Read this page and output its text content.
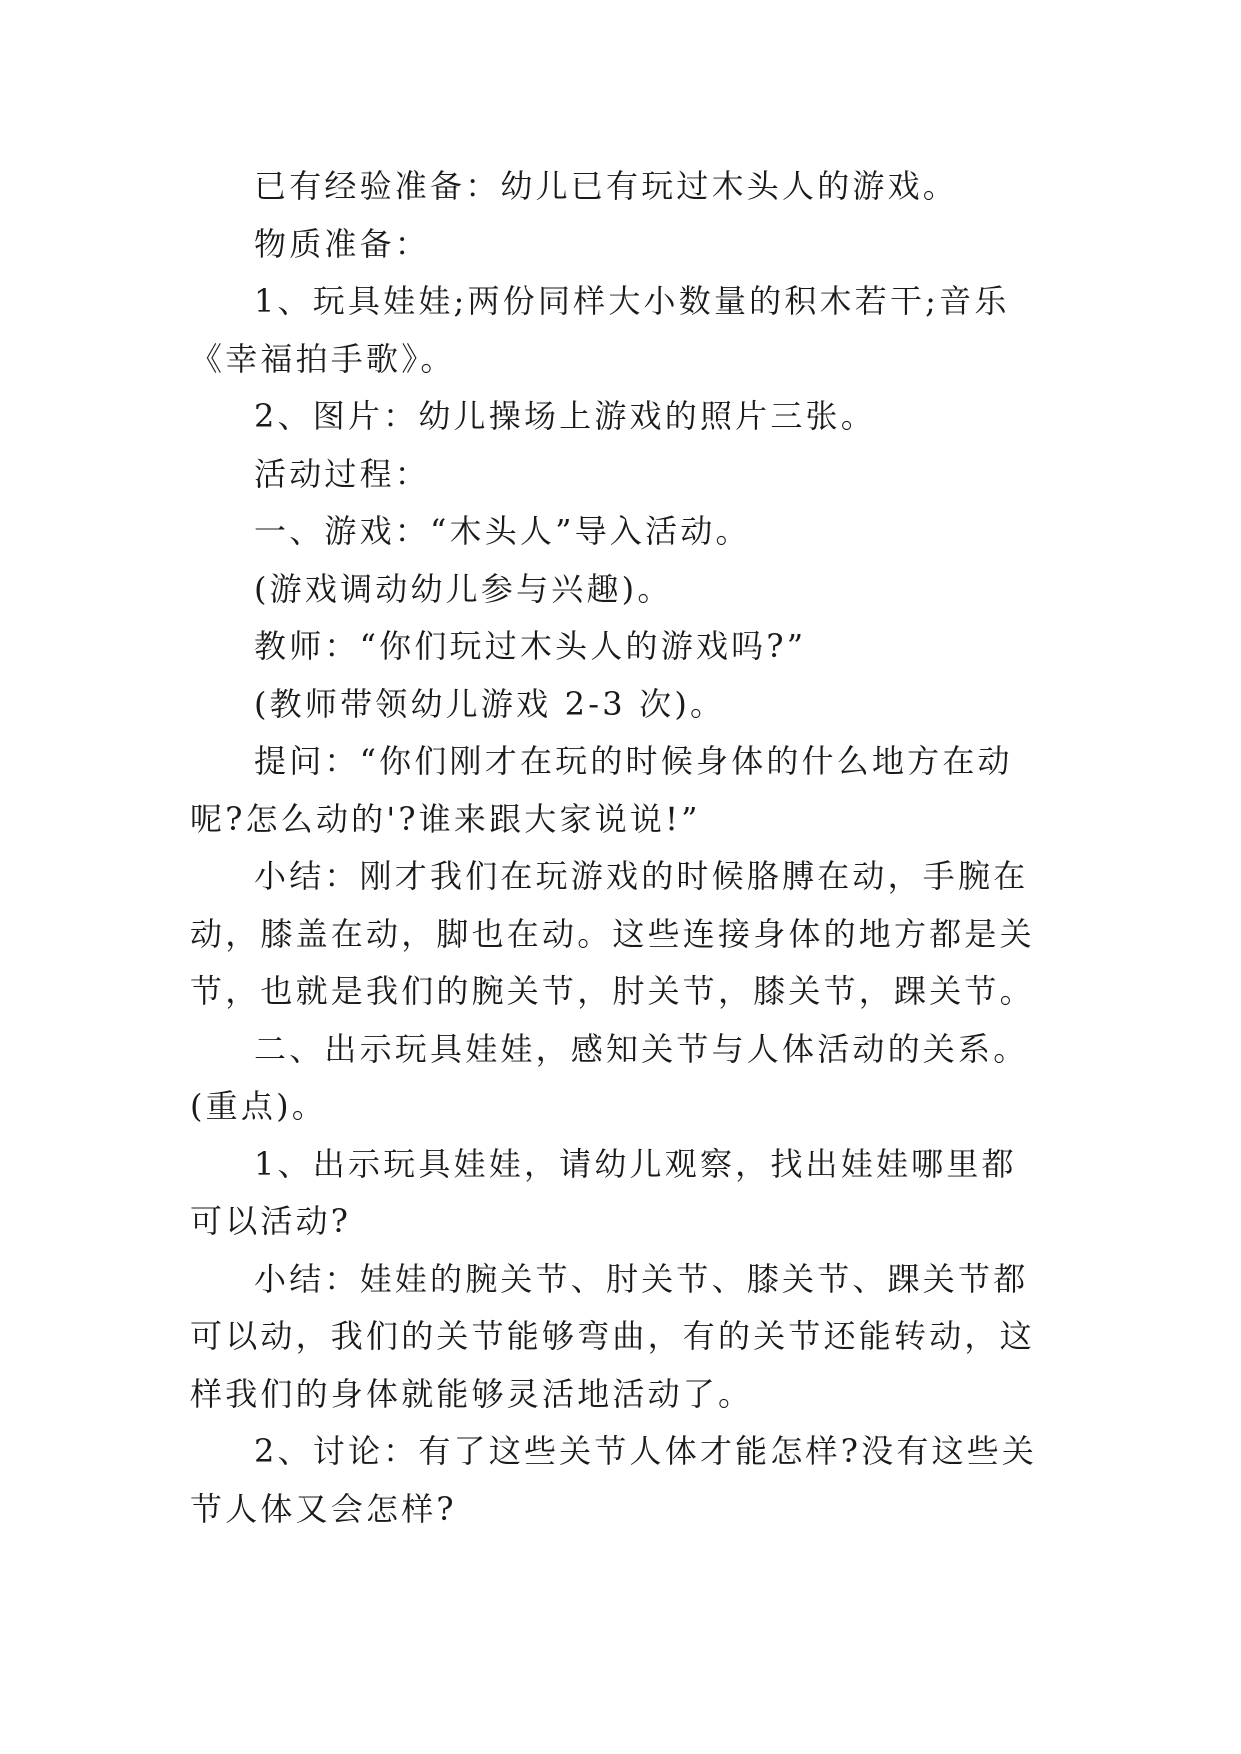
已有经验准备：幼儿已有玩过木头人的游戏。

物质准备：

1、玩具娃娃;两份同样大小数量的积木若干;音乐《幸福拍手歌》。

2、图片：幼儿操场上游戏的照片三张。

活动过程：

一、游戏：“木头人”导入活动。

(游戏调动幼儿参与兴趣)。

教师：“你们玩过木头人的游戏吗?”

(教师带领幼儿游戏 2-3 次)。

提问：“你们刚才在玩的时候身体的什么地方在动呢?怎么动的'?谁来跟大家说说!”

小结：刚才我们在玩游戏的时候胳膊在动，手腕在动，膝盖在动，脚也在动。这些连接身体的地方都是关节，也就是我们的腕关节，肘关节，膝关节，踝关节。

二、出示玩具娃娃，感知关节与人体活动的关系。(重点)。

1、出示玩具娃娃，请幼儿观察，找出娃娃哪里都可以活动?

小结：娃娃的腕关节、肘关节、膝关节、踝关节都可以动，我们的关节能够弯曲，有的关节还能转动，这样我们的身体就能够灵活地活动了。

2、讨论：有了这些关节人体才能怎样?没有这些关节人体又会怎样?
